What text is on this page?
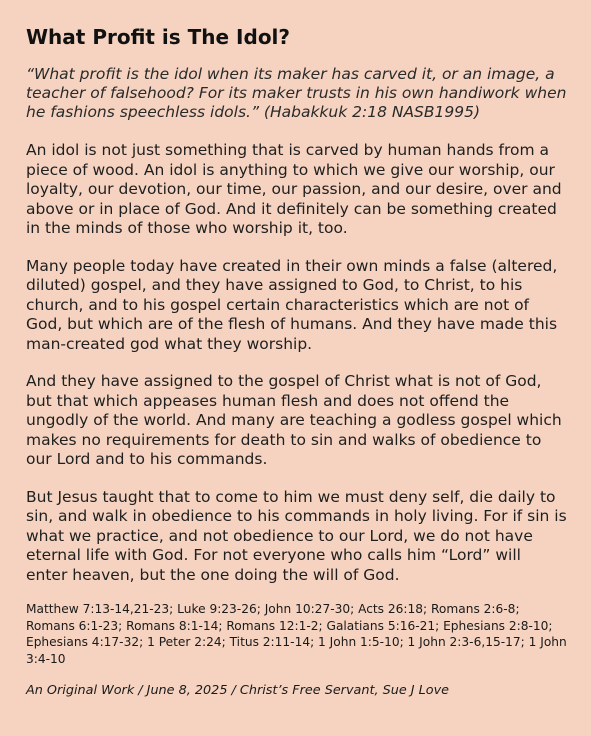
What Profit is The Idol?

“What profit is the idol when its maker has carved it, or an image, a teacher of falsehood? For its maker trusts in his own handiwork when he fashions speechless idols.” (Habakkuk 2:18 NASB1995)

An idol is not just something that is carved by human hands from a piece of wood. An idol is anything to which we give our worship, our loyalty, our devotion, our time, our passion, and our desire, over and above or in place of God. And it definitely can be something created in the minds of those who worship it, too.

Many people today have created in their own minds a false (altered, diluted) gospel, and they have assigned to God, to Christ, to his church, and to his gospel certain characteristics which are not of God, but which are of the flesh of humans. And they have made this man-created god what they worship.

And they have assigned to the gospel of Christ what is not of God, but that which appeases human flesh and does not offend the ungodly of the world. And many are teaching a godless gospel which makes no requirements for death to sin and walks of obedience to our Lord and to his commands.

But Jesus taught that to come to him we must deny self, die daily to sin, and walk in obedience to his commands in holy living. For if sin is what we practice, and not obedience to our Lord, we do not have eternal life with God. For not everyone who calls him “Lord” will enter heaven, but the one doing the will of God.

Matthew 7:13-14,21-23; Luke 9:23-26; John 10:27-30; Acts 26:18; Romans 2:6-8; Romans 6:1-23; Romans 8:1-14; Romans 12:1-2; Galatians 5:16-21; Ephesians 2:8-10; Ephesians 4:17-32; 1 Peter 2:24; Titus 2:11-14; 1 John 1:5-10; 1 John 2:3-6,15-17; 1 John 3:4-10

An Original Work / June 8, 2025 / Christ’s Free Servant, Sue J Love
